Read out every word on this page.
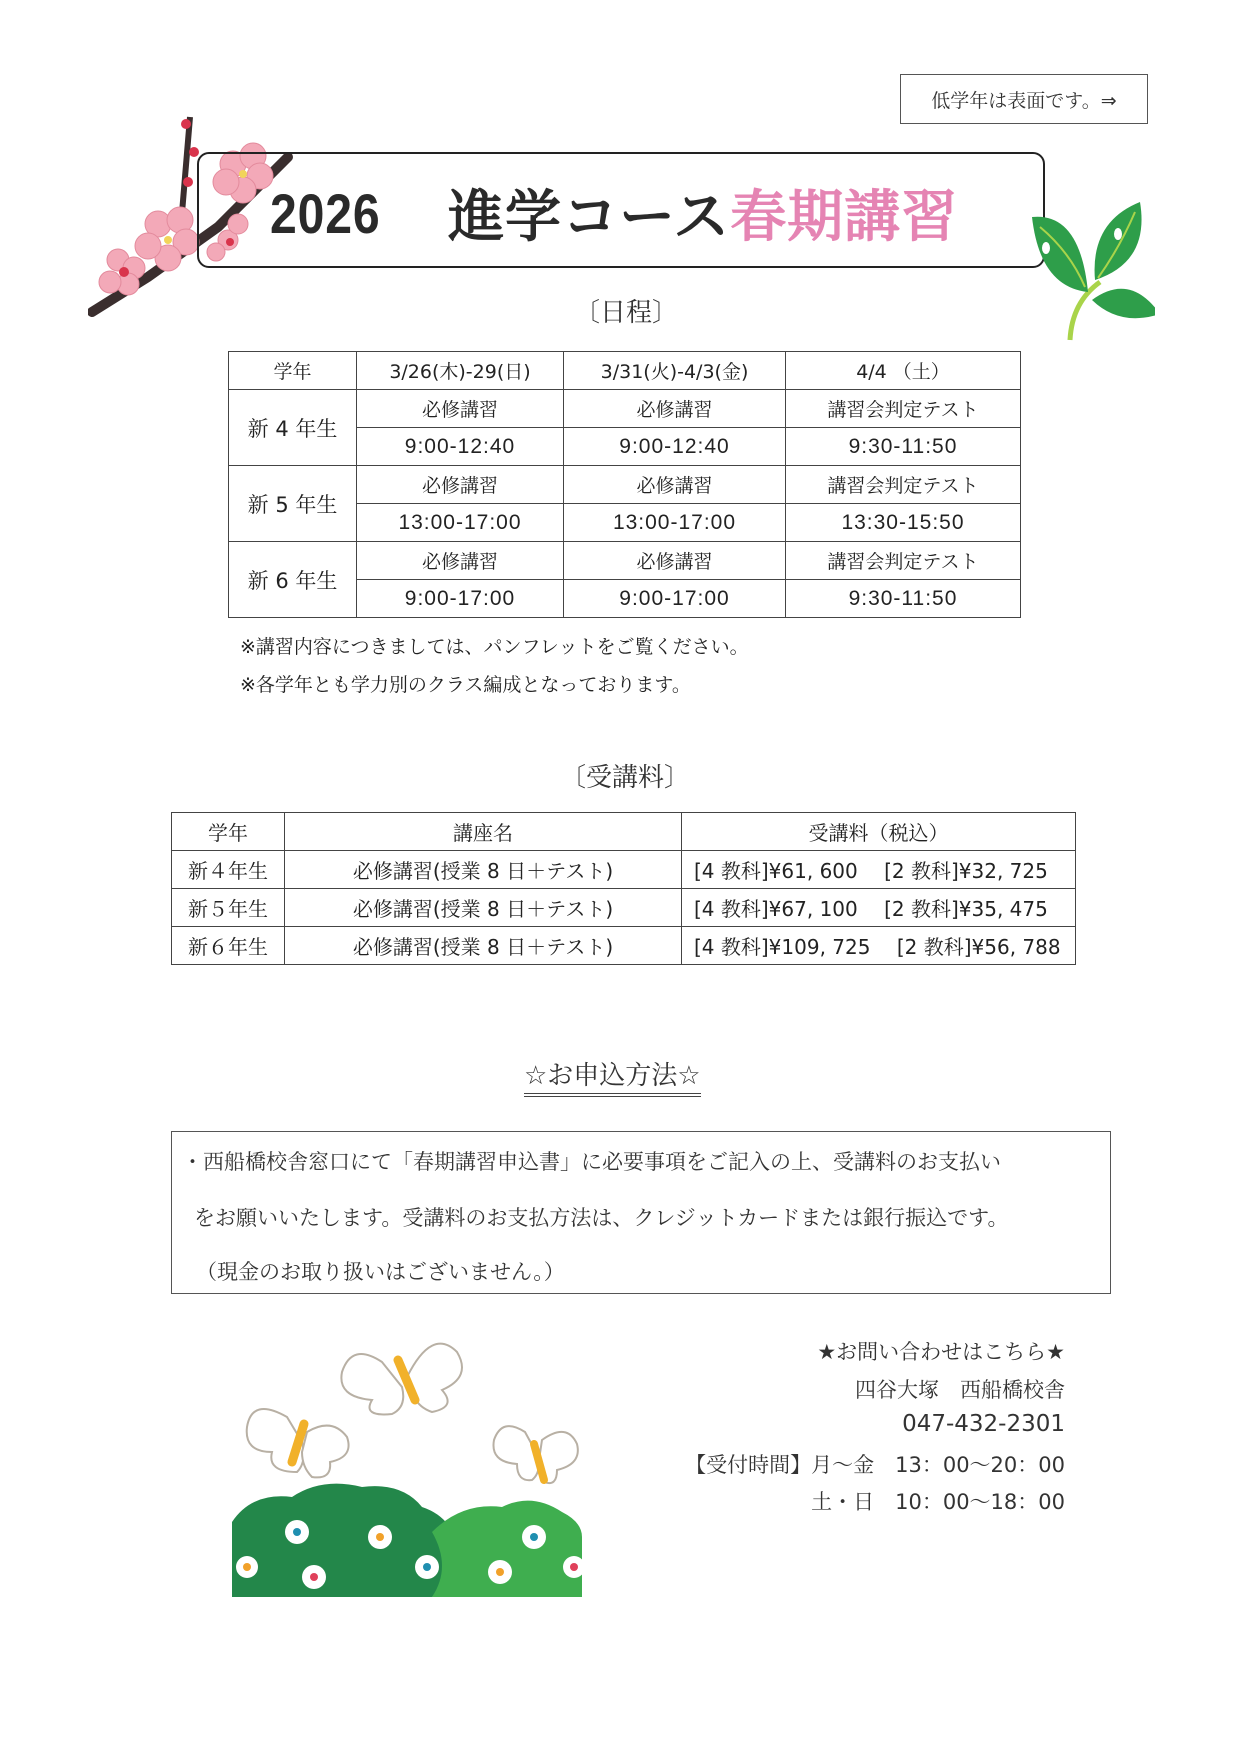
低学年は表面です。⇒
2026 進学コース 春期講習
〔日程〕
学年	3/26(木)-29(日)	3/31(火)-4/3(金)	4/4 （土）
新 4 年生	必修講習	必修講習	講習会判定テスト
	9:00-12:40	9:00-12:40	9:30-11:50
新 5 年生	必修講習	必修講習	講習会判定テスト
	13:00-17:00	13:00-17:00	13:30-15:50
新 6 年生	必修講習	必修講習	講習会判定テスト
	9:00-17:00	9:00-17:00	9:30-11:50
※講習内容につきましては、パンフレットをご覧ください。
※各学年とも学力別のクラス編成となっております。
〔受講料〕
学年	講座名	受講料（税込）
新４年生	必修講習(授業 8 日＋テスト)	[4 教科]¥61, 600　 [2 教科]¥32, 725
新５年生	必修講習(授業 8 日＋テスト)	[4 教科]¥67, 100　 [2 教科]¥35, 475
新６年生	必修講習(授業 8 日＋テスト)	[4 教科]¥109, 725　 [2 教科]¥56, 788
☆お申込方法☆
・西船橋校舎窓口にて「春期講習申込書」に必要事項をご記入の上、受講料のお支払い
をお願いいたします。受講料のお支払方法は、クレジットカードまたは銀行振込です。
（現金のお取り扱いはございません。）
★お問い合わせはこちら★
四谷大塚　西船橋校舎
047-432-2301
【受付時間】月～金　13：00～20：00
土・日　10：00～18：00
